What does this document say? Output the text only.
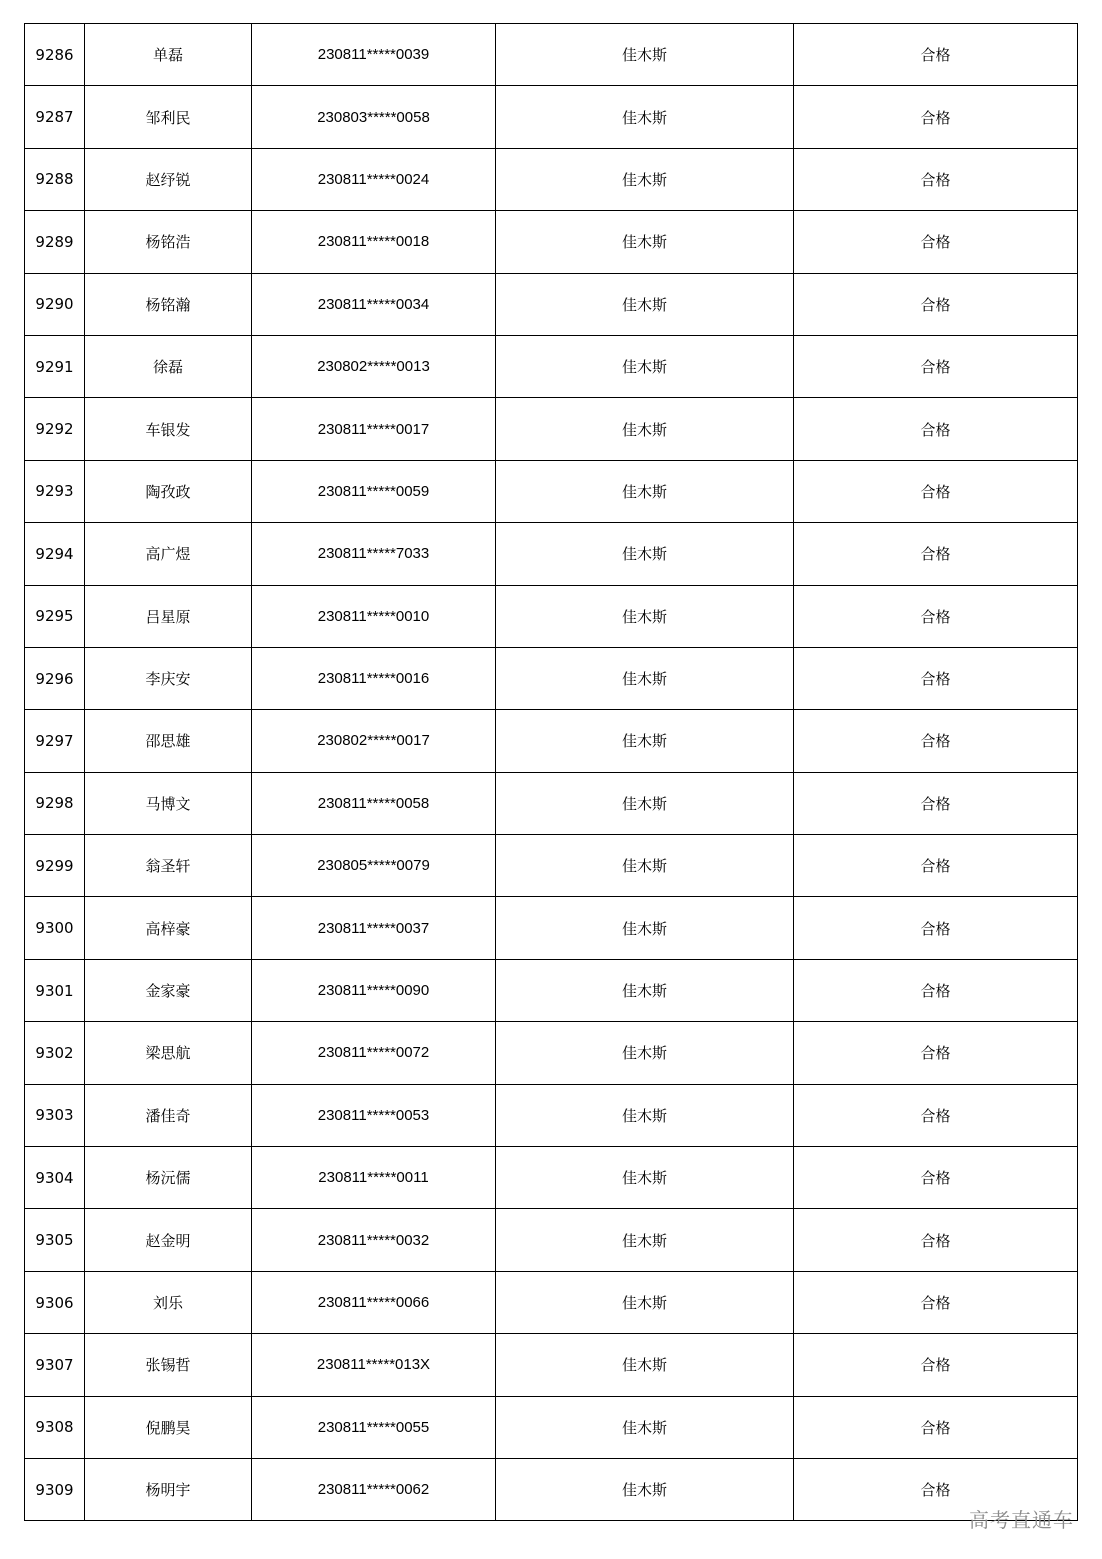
9286	单磊	230811*****0039	佳木斯	合格
9287	邹利民	230803*****0058	佳木斯	合格
9288	赵纾锐	230811*****0024	佳木斯	合格
9289	杨铭浩	230811*****0018	佳木斯	合格
9290	杨铭瀚	230811*****0034	佳木斯	合格
9291	徐磊	230802*****0013	佳木斯	合格
9292	车银发	230811*****0017	佳木斯	合格
9293	陶孜政	230811*****0059	佳木斯	合格
9294	高广煜	230811*****7033	佳木斯	合格
9295	吕星原	230811*****0010	佳木斯	合格
9296	李庆安	230811*****0016	佳木斯	合格
9297	邵思雄	230802*****0017	佳木斯	合格
9298	马博文	230811*****0058	佳木斯	合格
9299	翁圣轩	230805*****0079	佳木斯	合格
9300	高梓豪	230811*****0037	佳木斯	合格
9301	金家豪	230811*****0090	佳木斯	合格
9302	梁思航	230811*****0072	佳木斯	合格
9303	潘佳奇	230811*****0053	佳木斯	合格
9304	杨沅儒	230811*****0011	佳木斯	合格
9305	赵金明	230811*****0032	佳木斯	合格
9306	刘乐	230811*****0066	佳木斯	合格
9307	张锡哲	230811*****013X	佳木斯	合格
9308	倪鹏昊	230811*****0055	佳木斯	合格
9309	杨明宇	230811*****0062	佳木斯	合格
高考直通车
